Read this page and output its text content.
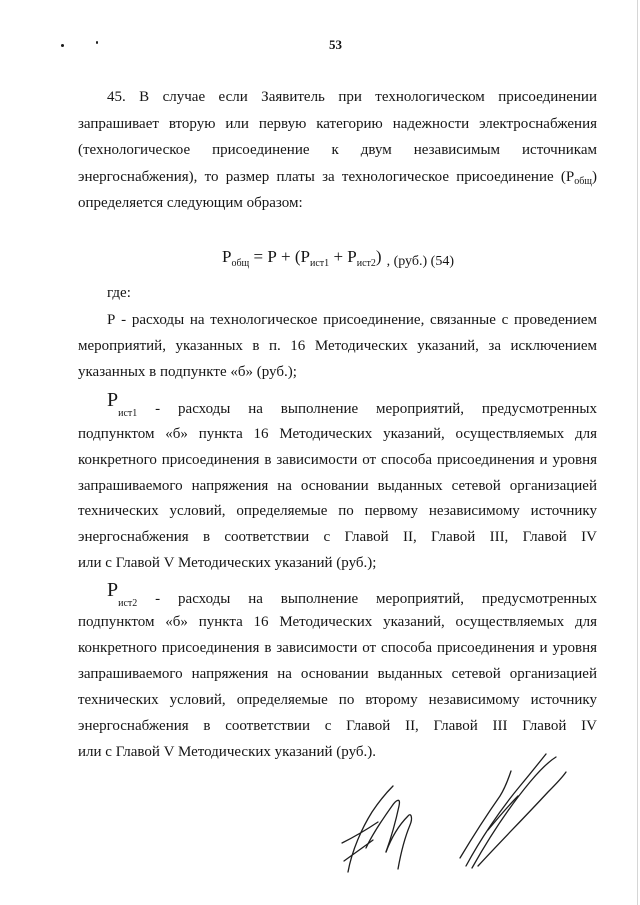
53
45. В случае если Заявитель при технологическом присоединении
запрашивает вторую или первую категорию надежности электроснабжения
(технологическое присоединение к двум независимым источникам
энергоснабжения), то размер платы за технологическое присоединение $(Р_{общ})$
определяется следующим образом:
$Р_{общ} = Р + (Р_{ист1} + Р_{ист2})$ , (руб.) (54)
где:
Р - расходы на технологическое присоединение, связанные с проведением
мероприятий, указанных в п. 16 Методических указаний, за исключением
указанных в подпункте «б» (руб.);
$Р_{ист1}$ - расходы на выполнение мероприятий, предусмотренных
подпунктом «б» пункта 16 Методических указаний, осуществляемых для
конкретного присоединения в зависимости от способа присоединения и уровня
запрашиваемого напряжения на основании выданных сетевой организацией
технических условий, определяемые по первому независимому источнику
энергоснабжения в соответствии с Главой II, Главой III, Главой IV
или с Главой V Методических указаний (руб.);
$Р_{ист2}$ - расходы на выполнение мероприятий, предусмотренных
подпунктом «б» пункта 16 Методических указаний, осуществляемых для
конкретного присоединения в зависимости от способа присоединения и уровня
запрашиваемого напряжения на основании выданных сетевой организацией
технических условий, определяемые по второму независимому источнику
энергоснабжения в соответствии с Главой II, Главой III Главой IV
или с Главой V Методических указаний (руб.).
